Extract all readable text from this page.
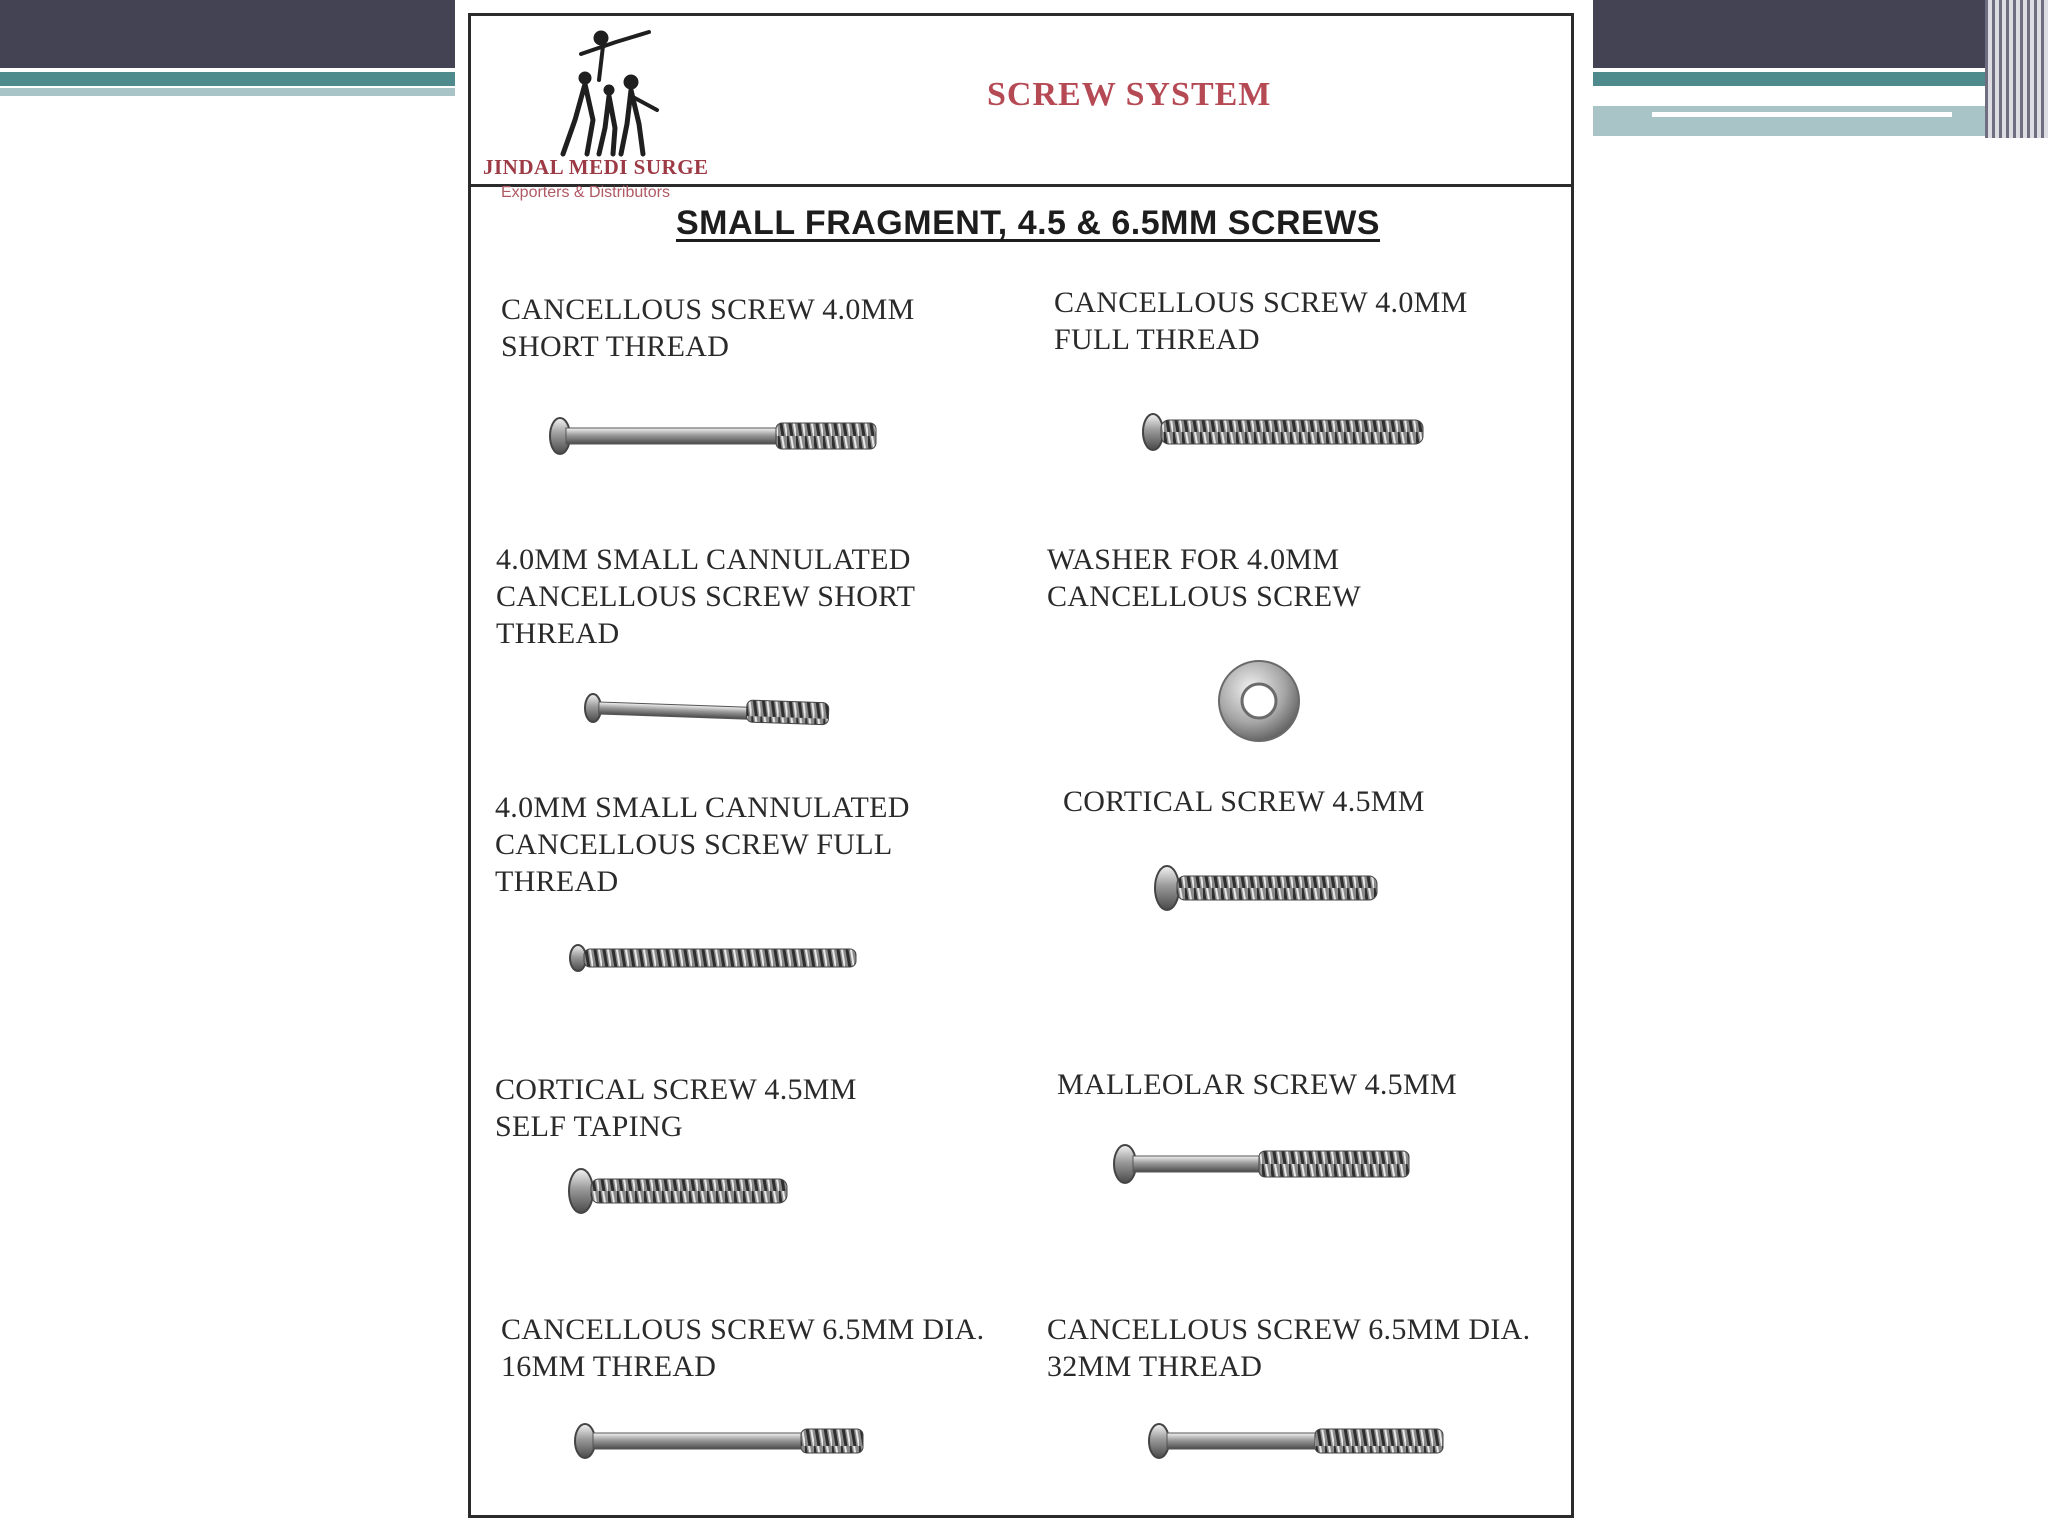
JINDAL MEDI SURGE
SCREW SYSTEM
Exporters & Distributors
SMALL FRAGMENT, 4.5 & 6.5MM SCREWS
CANCELLOUS SCREW 4.0MM
SHORT THREAD
CANCELLOUS SCREW 4.0MM
FULL THREAD
4.0MM SMALL CANNULATED
CANCELLOUS SCREW SHORT
THREAD
WASHER FOR 4.0MM
CANCELLOUS SCREW
4.0MM SMALL CANNULATED
CANCELLOUS SCREW FULL
THREAD
CORTICAL SCREW 4.5MM
CORTICAL SCREW 4.5MM
SELF TAPING
MALLEOLAR SCREW 4.5MM
CANCELLOUS SCREW 6.5MM DIA.
16MM THREAD
CANCELLOUS SCREW 6.5MM DIA.
32MM THREAD
